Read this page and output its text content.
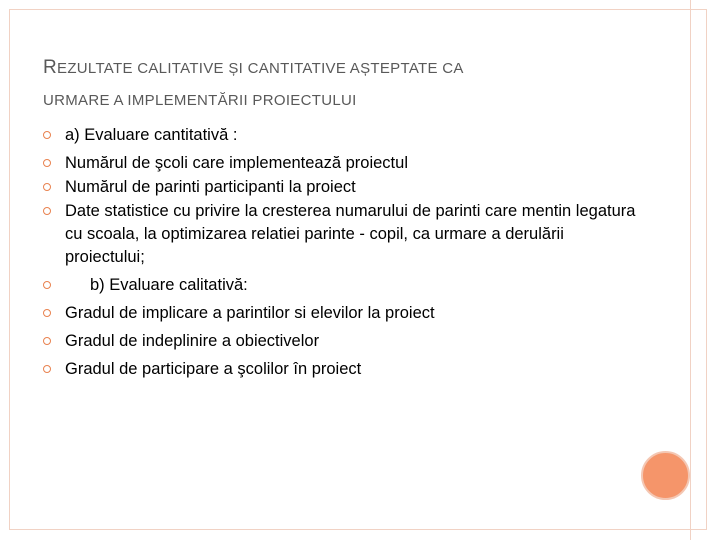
REZULTATE CALITATIVE ȘI CANTITATIVE AȘTEPTATE CA
URMARE A IMPLEMENTĂRII PROIECTULUI
a) Evaluare cantitativă :
Numărul de şcoli care implementează proiectul
Numărul de parinti participanti la proiect
Date statistice cu privire la cresterea numarului de parinti care mentin legatura cu scoala, la optimizarea relatiei parinte - copil, ca urmare a derulării proiectului;
b) Evaluare calitativă:
Gradul de implicare a parintilor si elevilor la proiect
Gradul de indeplinire a obiectivelor
Gradul de participare a şcolilor în proiect
